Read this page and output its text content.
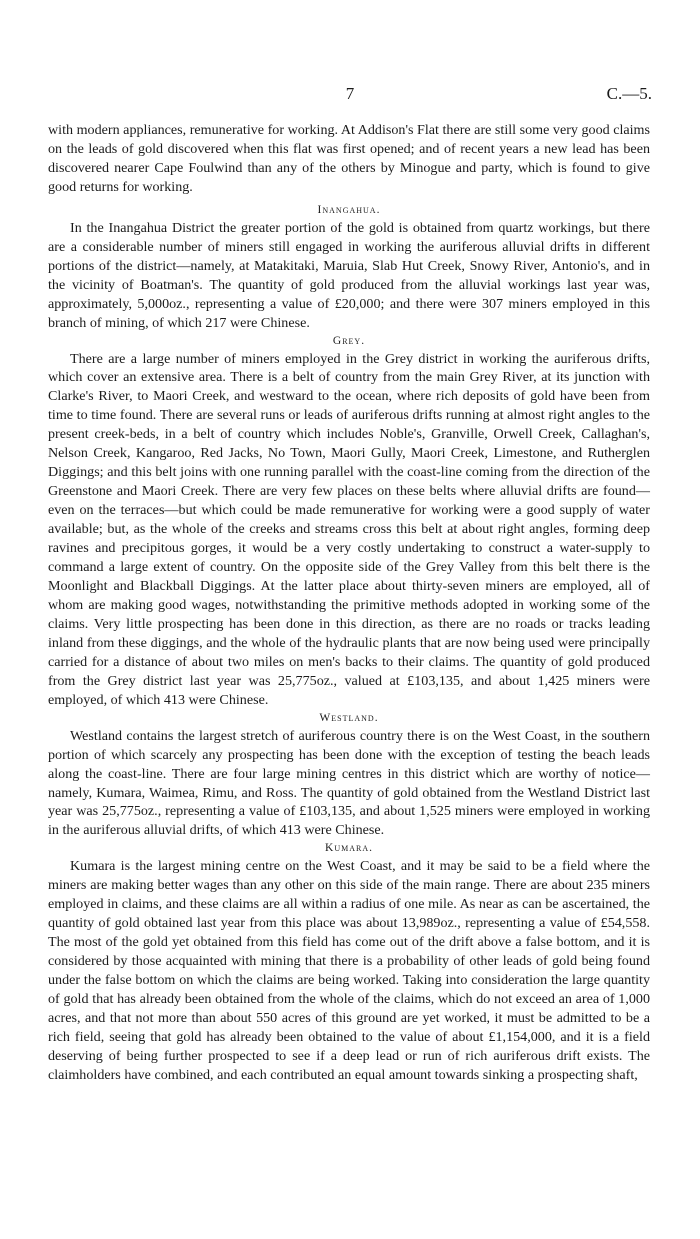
7	C.—5.

with modern appliances, remunerative for working. At Addison's Flat there are still some very good claims on the leads of gold discovered when this flat was first opened; and of recent years a new lead has been discovered nearer Cape Foulwind than any of the others by Minogue and party, which is found to give good returns for working.

Inangahua.

In the Inangahua District the greater portion of the gold is obtained from quartz workings, but there are a considerable number of miners still engaged in working the auriferous alluvial drifts in different portions of the district—namely, at Matakitaki, Maruia, Slab Hut Creek, Snowy River, Antonio's, and in the vicinity of Boatman's. The quantity of gold produced from the alluvial workings last year was, approximately, 5,000oz., representing a value of £20,000; and there were 307 miners employed in this branch of mining, of which 217 were Chinese.

Grey.

There are a large number of miners employed in the Grey district in working the auriferous drifts, which cover an extensive area. There is a belt of country from the main Grey River, at its junction with Clarke's River, to Maori Creek, and westward to the ocean, where rich deposits of gold have been from time to time found. There are several runs or leads of auriferous drifts running at almost right angles to the present creek-beds, in a belt of country which includes Noble's, Granville, Orwell Creek, Callaghan's, Nelson Creek, Kangaroo, Red Jacks, No Town, Maori Gully, Maori Creek, Limestone, and Rutherglen Diggings; and this belt joins with one running parallel with the coast-line coming from the direction of the Greenstone and Maori Creek. There are very few places on these belts where alluvial drifts are found—even on the terraces—but which could be made remunerative for working were a good supply of water available; but, as the whole of the creeks and streams cross this belt at about right angles, forming deep ravines and precipitous gorges, it would be a very costly undertaking to construct a water-supply to command a large extent of country. On the opposite side of the Grey Valley from this belt there is the Moonlight and Blackball Diggings. At the latter place about thirty-seven miners are employed, all of whom are making good wages, notwithstanding the primitive methods adopted in working some of the claims. Very little prospecting has been done in this direction, as there are no roads or tracks leading inland from these diggings, and the whole of the hydraulic plants that are now being used were principally carried for a distance of about two miles on men's backs to their claims. The quantity of gold produced from the Grey district last year was 25,775oz., valued at £103,135, and about 1,425 miners were employed, of which 413 were Chinese.

Westland.

Westland contains the largest stretch of auriferous country there is on the West Coast, in the southern portion of which scarcely any prospecting has been done with the exception of testing the beach leads along the coast-line. There are four large mining centres in this district which are worthy of notice—namely, Kumara, Waimea, Rimu, and Ross. The quantity of gold obtained from the Westland District last year was 25,775oz., representing a value of £103,135, and about 1,525 miners were employed in working in the auriferous alluvial drifts, of which 413 were Chinese.

Kumara.

Kumara is the largest mining centre on the West Coast, and it may be said to be a field where the miners are making better wages than any other on this side of the main range. There are about 235 miners employed in claims, and these claims are all within a radius of one mile. As near as can be ascertained, the quantity of gold obtained last year from this place was about 13,989oz., representing a value of £54,558. The most of the gold yet obtained from this field has come out of the drift above a false bottom, and it is considered by those acquainted with mining that there is a probability of other leads of gold being found under the false bottom on which the claims are being worked. Taking into consideration the large quantity of gold that has already been obtained from the whole of the claims, which do not exceed an area of 1,000 acres, and that not more than about 550 acres of this ground are yet worked, it must be admitted to be a rich field, seeing that gold has already been obtained to the value of about £1,154,000, and it is a field deserving of being further prospected to see if a deep lead or run of rich auriferous drift exists. The claimholders have combined, and each contributed an equal amount towards sinking a prospecting shaft,
